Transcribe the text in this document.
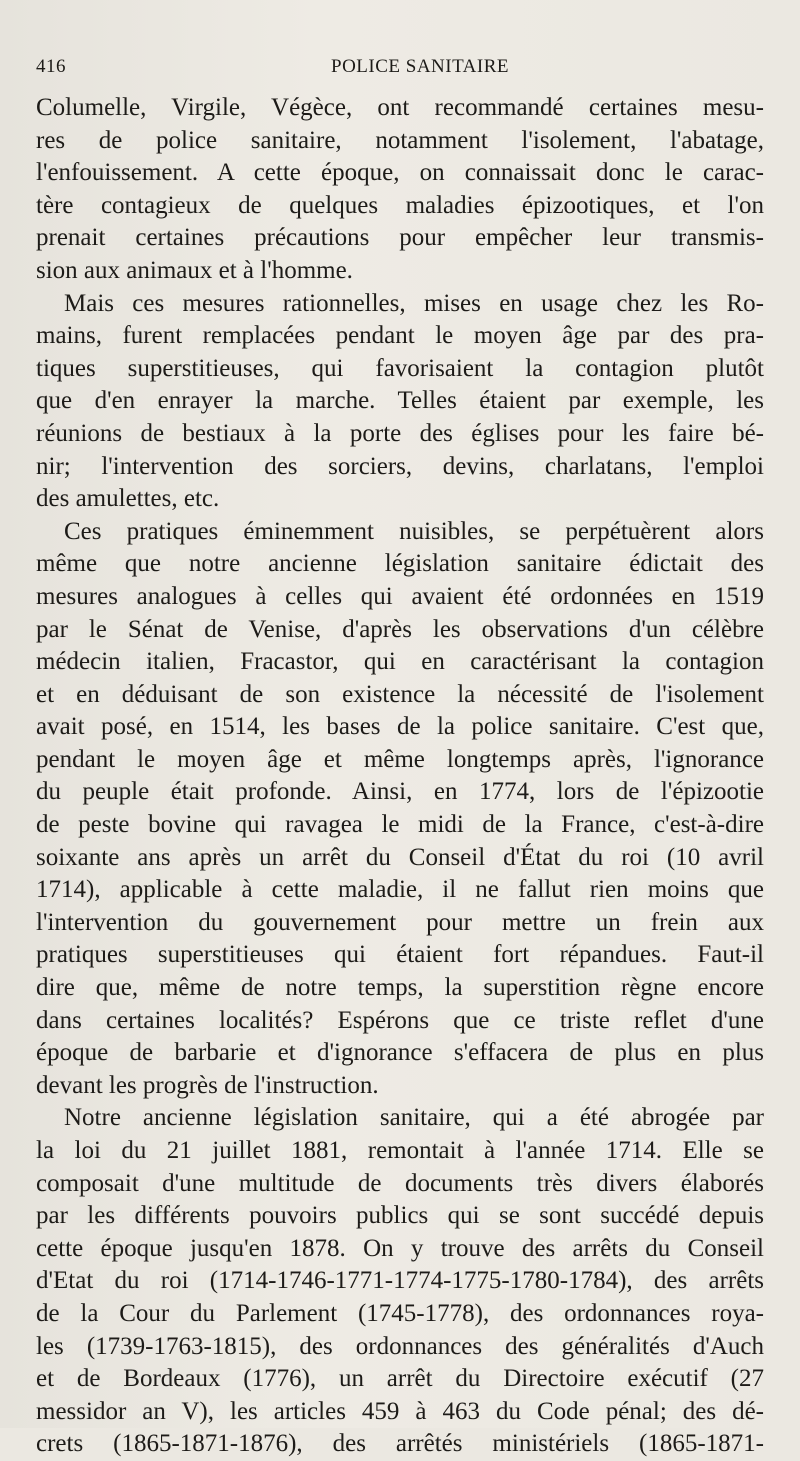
416	POLICE SANITAIRE
Columelle, Virgile, Végèce, ont recommandé certaines mesu-
res de police sanitaire, notamment l'isolement, l'abatage,
l'enfouissement. A cette époque, on connaissait donc le carac-
tère contagieux de quelques maladies épizootiques, et l'on
prenait certaines précautions pour empêcher leur transmis-
sion aux animaux et à l'homme.
Mais ces mesures rationnelles, mises en usage chez les Ro-
mains, furent remplacées pendant le moyen âge par des pra-
tiques superstitieuses, qui favorisaient la contagion plutôt
que d'en enrayer la marche. Telles étaient par exemple, les
réunions de bestiaux à la porte des églises pour les faire bé-
nir; l'intervention des sorciers, devins, charlatans, l'emploi
des amulettes, etc.
Ces pratiques éminemment nuisibles, se perpétuèrent alors
même que notre ancienne législation sanitaire édictait des
mesures analogues à celles qui avaient été ordonnées en 1519
par le Sénat de Venise, d'après les observations d'un célèbre
médecin italien, Fracastor, qui en caractérisant la contagion
et en déduisant de son existence la nécessité de l'isolement
avait posé, en 1514, les bases de la police sanitaire. C'est que,
pendant le moyen âge et même longtemps après, l'ignorance
du peuple était profonde. Ainsi, en 1774, lors de l'épizootie
de peste bovine qui ravagea le midi de la France, c'est-à-dire
soixante ans après un arrêt du Conseil d'État du roi (10 avril
1714), applicable à cette maladie, il ne fallut rien moins que
l'intervention du gouvernement pour mettre un frein aux
pratiques superstitieuses qui étaient fort répandues. Faut-il
dire que, même de notre temps, la superstition règne encore
dans certaines localités? Espérons que ce triste reflet d'une
époque de barbarie et d'ignorance s'effacera de plus en plus
devant les progrès de l'instruction.
Notre ancienne législation sanitaire, qui a été abrogée par
la loi du 21 juillet 1881, remontait à l'année 1714. Elle se
composait d'une multitude de documents très divers élaborés
par les différents pouvoirs publics qui se sont succédé depuis
cette époque jusqu'en 1878. On y trouve des arrêts du Conseil
d'Etat du roi (1714-1746-1771-1774-1775-1780-1784), des arrêts
de la Cour du Parlement (1745-1778), des ordonnances roya-
les (1739-1763-1815), des ordonnances des généralités d'Auch
et de Bordeaux (1776), un arrêt du Directoire exécutif (27
messidor an V), les articles 459 à 463 du Code pénal; des dé-
crets (1865-1871-1876), des arrêtés ministériels (1865-1871-
